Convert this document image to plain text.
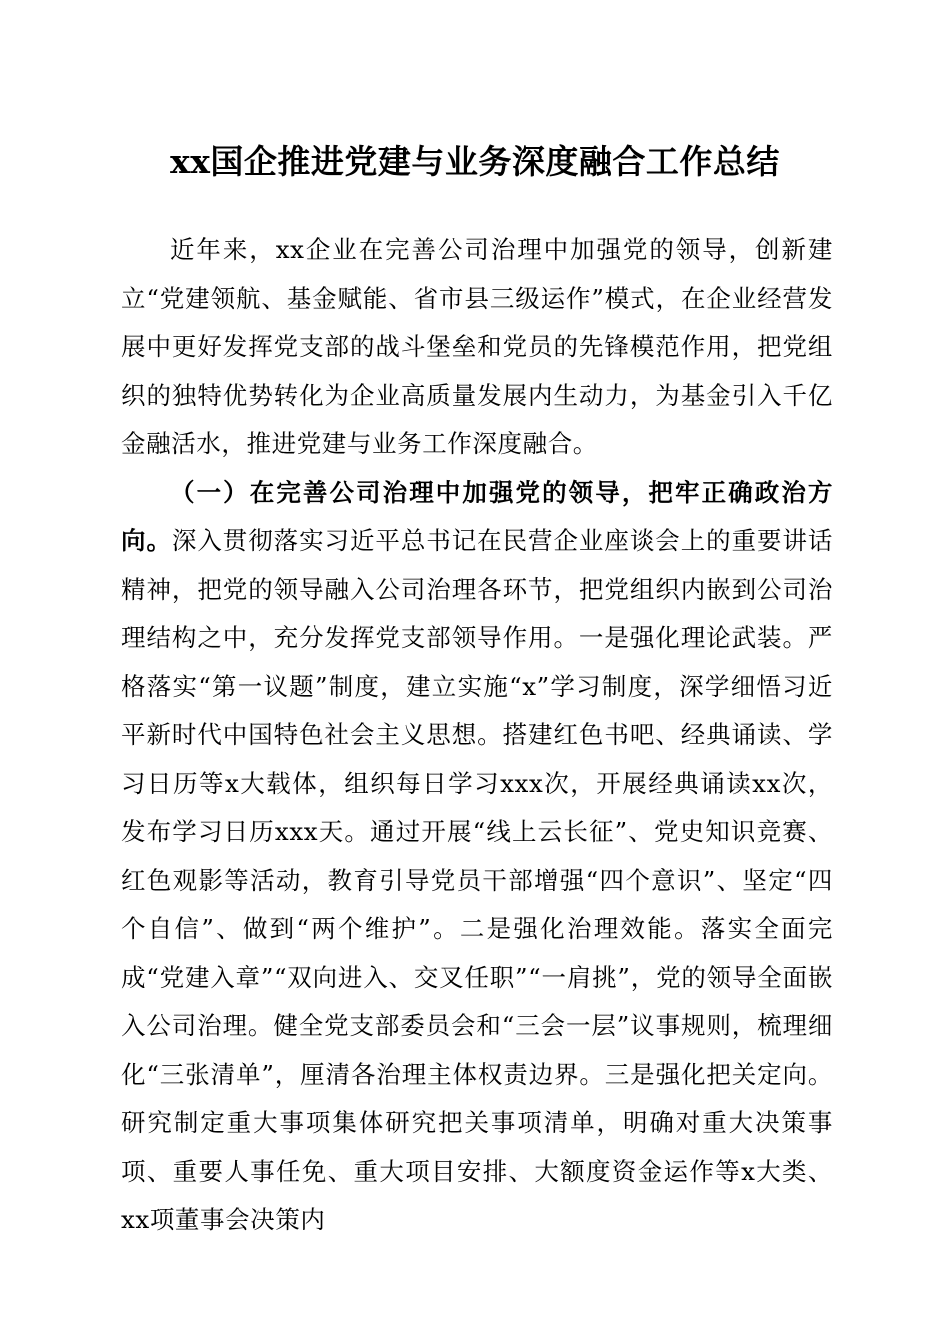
xx国企推进党建与业务深度融合工作总结

近年来，xx企业在完善公司治理中加强党的领导，创新建立“党建领航、基金赋能、省市县三级运作”模式，在企业经营发展中更好发挥党支部的战斗堡垒和党员的先锋模范作用，把党组织的独特优势转化为企业高质量发展内生动力，为基金引入千亿金融活水，推进党建与业务工作深度融合。

（一）在完善公司治理中加强党的领导，把牢正确政治方向。深入贯彻落实习近平总书记在民营企业座谈会上的重要讲话精神，把党的领导融入公司治理各环节，把党组织内嵌到公司治理结构之中，充分发挥党支部领导作用。一是强化理论武装。严格落实“第一议题”制度，建立实施“x”学习制度，深学细悟习近平新时代中国特色社会主义思想。搭建红色书吧、经典诵读、学习日历等x大载体，组织每日学习xxx次，开展经典诵读xx次，发布学习日历xxx天。通过开展“线上云长征”、党史知识竞赛、红色观影等活动，教育引导党员干部增强“四个意识”、坚定“四个自信”、做到“两个维护”。二是强化治理效能。落实全面完成“党建入章”“双向进入、交叉任职”“一肩挑”，党的领导全面嵌入公司治理。健全党支部委员会和“三会一层”议事规则，梳理细化“三张清单”，厘清各治理主体权责边界。三是强化把关定向。研究制定重大事项集体研究把关事项清单，明确对重大决策事项、重要人事任免、重大项目安排、大额度资金运作等x大类、xx项董事会决策内
